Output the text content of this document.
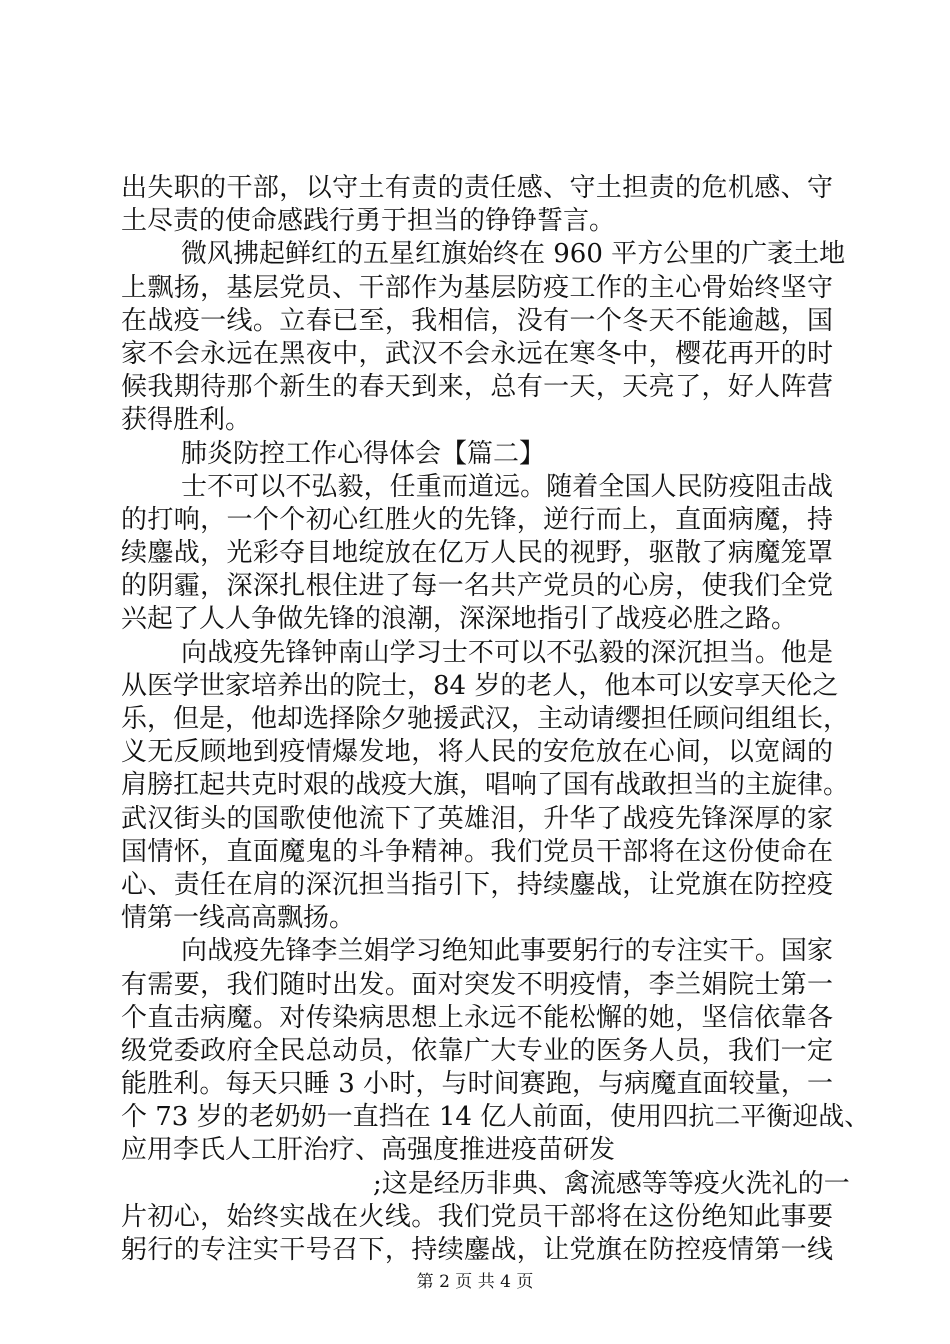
出失职的干部，以守土有责的责任感、守土担责的危机感、守
土尽责的使命感践行勇于担当的铮铮誓言。
微风拂起鲜红的五星红旗始终在 960 平方公里的广袤土地
上飘扬，基层党员、干部作为基层防疫工作的主心骨始终坚守
在战疫一线。立春已至，我相信，没有一个冬天不能逾越，国
家不会永远在黑夜中，武汉不会永远在寒冬中，樱花再开的时
候我期待那个新生的春天到来，总有一天，天亮了，好人阵营
获得胜利。
肺炎防控工作心得体会【篇二】
士不可以不弘毅，任重而道远。随着全国人民防疫阻击战
的打响，一个个初心红胜火的先锋，逆行而上，直面病魔，持
续鏖战，光彩夺目地绽放在亿万人民的视野，驱散了病魔笼罩
的阴霾，深深扎根住进了每一名共产党员的心房，使我们全党
兴起了人人争做先锋的浪潮，深深地指引了战疫必胜之路。
向战疫先锋钟南山学习士不可以不弘毅的深沉担当。他是
从医学世家培养出的院士，84 岁的老人，他本可以安享天伦之
乐，但是，他却选择除夕驰援武汉，主动请缨担任顾问组组长，
义无反顾地到疫情爆发地，将人民的安危放在心间，以宽阔的
肩膀扛起共克时艰的战疫大旗，唱响了国有战敢担当的主旋律。
武汉街头的国歌使他流下了英雄泪，升华了战疫先锋深厚的家
国情怀，直面魔鬼的斗争精神。我们党员干部将在这份使命在
心、责任在肩的深沉担当指引下，持续鏖战，让党旗在防控疫
情第一线高高飘扬。
向战疫先锋李兰娟学习绝知此事要躬行的专注实干。国家
有需要，我们随时出发。面对突发不明疫情，李兰娟院士第一
个直击病魔。对传染病思想上永远不能松懈的她，坚信依靠各
级党委政府全民总动员，依靠广大专业的医务人员，我们一定
能胜利。每天只睡 3 小时，与时间赛跑，与病魔直面较量，一
个 73 岁的老奶奶一直挡在 14 亿人前面，使用四抗二平衡迎战、
应用李氏人工肝治疗、高强度推进疫苗研发
;这是经历非典、禽流感等等疫火洗礼的一
片初心，始终实战在火线。我们党员干部将在这份绝知此事要
躬行的专注实干号召下，持续鏖战，让党旗在防控疫情第一线
第 2 页 共 4 页
